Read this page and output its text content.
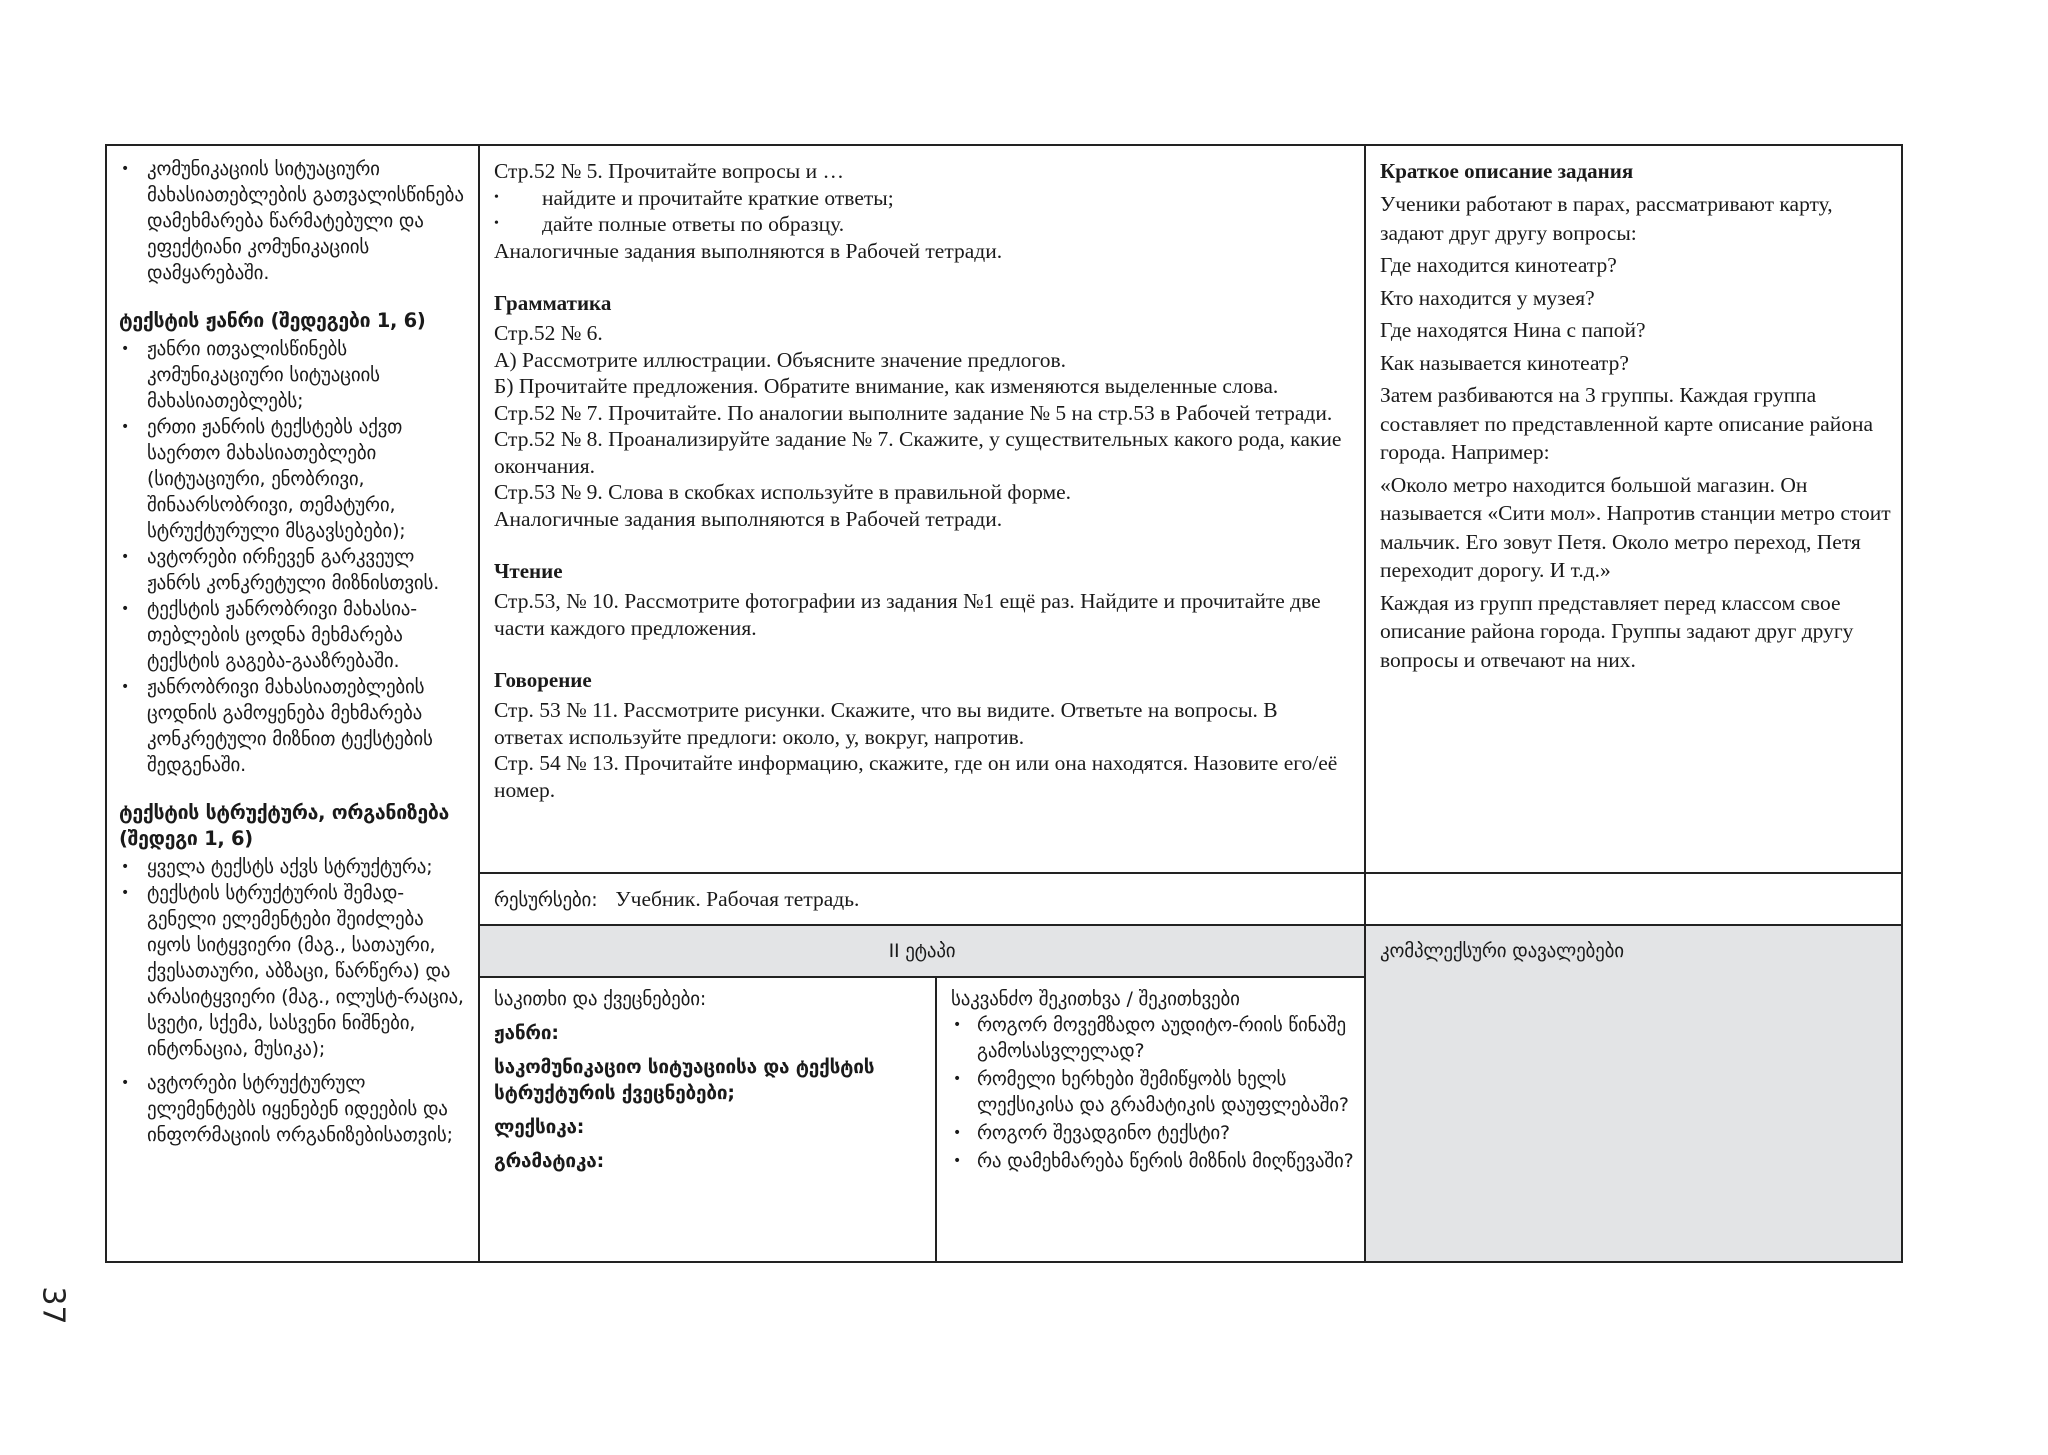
37
• კომუნიკაციის სიტუაციური მახასიათებლების გათვალისწინება დამეხმარება წარმატებული და ეფექტიანი კომუნიკაციის დამყარებაში.
ტექსტის ჟანრი (შედეგები 1, 6)
• ჟანრი ითვალისწინებს კომუნიკაციური სიტუაციის მახასიათებლებს;
• ერთი ჟანრის ტექსტებს აქვთ საერთო მახასიათებლები (სიტუაციური, ენობრივი, შინაარსობრივი, თემატური, სტრუქტურული მსგავსებები);
• ავტორები ირჩევენ გარკვეულ ჟანრს კონკრეტული მიზნისთვის.
• ტექსტის ჟანრობრივი მახასია-თებლების ცოდნა მეხმარება ტექსტის გაგება-გააზრებაში.
• ჟანრობრივი მახასიათებლების ცოდნის გამოყენება მეხმარება კონკრეტული მიზნით ტექსტების შედგენაში.
ტექსტის სტრუქტურა, ორგანიზება (შედეგი 1, 6)
• ყველა ტექსტს აქვს სტრუქტურა;
• ტექსტის სტრუქტურის შემად-გენელი ელემენტები შეიძლება იყოს სიტყვიერი (მაგ., სათაური, ქვესათაური, აბზაცი, წარწერა) და არასიტყვიერი (მაგ., ილუსტ-რაცია, სვეტი, სქემა, სასვენი ნიშნები, ინტონაცია, მუსიკა);
• ავტორები სტრუქტურულ ელემენტებს იყენებენ იდეების და ინფორმაციის ორგანიზებისათვის;

Стр.52 № 5. Прочитайте вопросы и …

• найдите и прочитайте краткие ответы;
• дайте полные ответы по образцу.

Аналогичные задания выполняются в Рабочей тетради.

Грамматика

Стр.52 № 6.

А) Рассмотрите иллюстрации. Объясните значение предлогов.

Б) Прочитайте предложения. Обратите внимание, как изменяются выделенные слова.

Стр.52 № 7. Прочитайте. По аналогии выполните задание № 5 на стр.53 в Рабочей тетради.

Стр.52 № 8. Проанализируйте задание № 7. Скажите, у существительных какого рода, какие окончания.

Стр.53 № 9. Слова в скобках используйте в правильной форме.

Аналогичные задания выполняются в Рабочей тетради.

Чтение

Стр.53, № 10. Рассмотрите фотографии из задания №1 ещё раз. Найдите и прочитайте две части каждого предложения.

Говорение

Стр. 53 № 11. Рассмотрите рисунки. Скажите, что вы видите. Ответьте на вопросы. В ответах используйте предлоги: около, у, вокруг, напротив.

Стр. 54 № 13. Прочитайте информацию, скажите, где он или она находятся. Назовите его/её номер.

Краткое описание задания

Ученики работают в парах, рассматривают карту, задают друг другу вопросы:

Где находится кинотеатр?

Кто находится у музея?

Где находятся Нина с папой?

Как называется кинотеатр?

Затем разбиваются на 3 группы. Каждая группа составляет по представленной карте описание района города. Например:

«Около метро находится большой магазин. Он называется «Сити мол». Напротив станции метро стоит мальчик. Его зовут Петя. Около метро переход, Петя переходит дорогу. И т.д.»

Каждая из групп представляет перед классом свое описание района города. Группы задают друг другу вопросы и отвечают на них.

რესურსები: Учебник. Рабочая тетрадь.
II ეტაპი	კომპლექსური დავალებები

საკითხი და ქვეცნებები:

ჟანრი:

საკომუნიკაციო სიტუაციისა და ტექსტის სტრუქტურის ქვეცნებები;

ლექსიკა:

გრამატიკა:

საკვანძო შეკითხვა / შეკითხვები

• როგორ მოვემზადო აუდიტო-რიის წინაშე გამოსასვლელად?
• რომელი ხერხები შემიწყობს ხელს ლექსიკისა და გრამატიკის დაუფლებაში?
• როგორ შევადგინო ტექსტი?
• რა დამეხმარება წერის მიზნის მიღწევაში?
